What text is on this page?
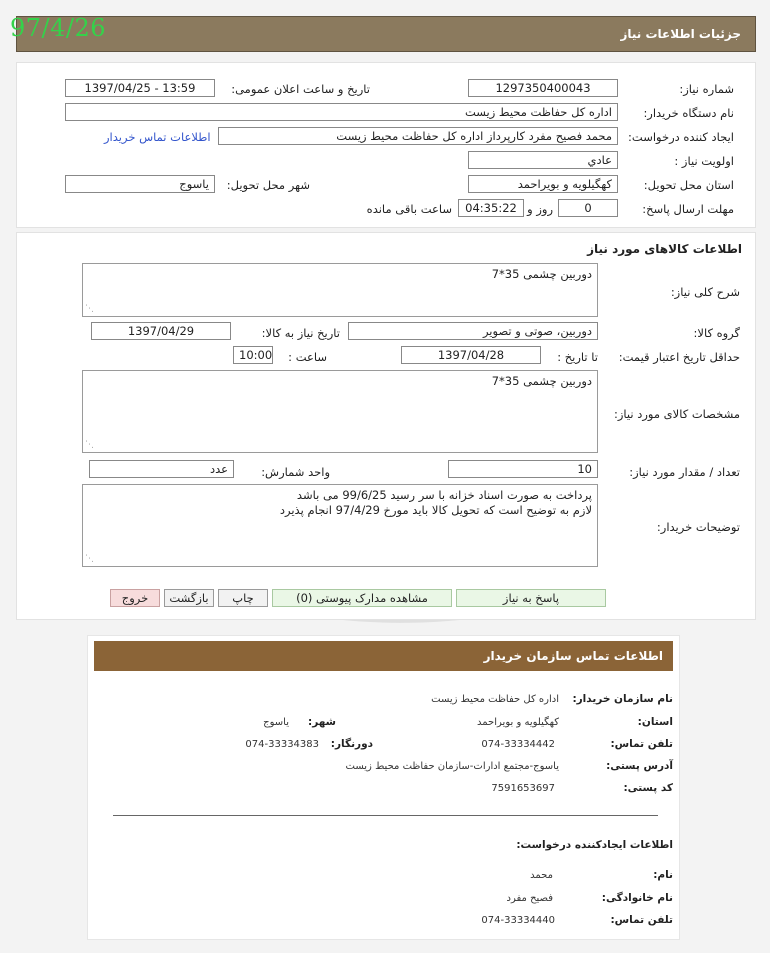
جزئیات اطلاعات نیاز
97/4/26
شماره نیاز:
1297350400043
تاریخ و ساعت اعلان عمومی:
1397/04/25 - 13:59
نام دستگاه خریدار:
اداره کل حفاظت محیط زیست
ایجاد کننده درخواست:
محمد فصیح مفرد کارپرداز اداره کل حفاظت محیط زیست
اطلاعات تماس خریدار
اولویت نیاز :
عادي
استان محل تحویل:
کهگیلویه و بویراحمد
شهر محل تحویل:
یاسوج
مهلت ارسال پاسخ:
0
روز و
04:35:22
ساعت باقی مانده
اطلاعات کالاهای مورد نیاز
شرح کلی نیاز:
دوربین چشمی 35*7
⋰
گروه کالا:
دوربین، صوتی و تصویر
تاریخ نیاز به کالا:
1397/04/29
حداقل تاریخ اعتبار قیمت:
تا تاریخ :
1397/04/28
ساعت :
10:00
مشخصات کالای مورد نیاز:
دوربین چشمی 35*7
⋰
تعداد / مقدار مورد نیاز:
10
واحد شمارش:
عدد
توضیحات خریدار:
پرداخت به صورت اسناد خزانه با سر رسید 99/6/25 می باشد
لازم به توضیح است که تحویل کالا باید مورخ 97/4/29 انجام پذیرد
⋰
پاسخ به نیاز
مشاهده مدارک پیوستی (0)
چاپ
بازگشت
خروج
اطلاعات تماس سازمان خریدار
نام سازمان خریدار:
اداره کل حفاظت محیط زیست
استان:
کهگیلویه و بویراحمد
شهر:
یاسوج
تلفن تماس:
074-33334442
دورنگار:
074-33334383
آدرس پستی:
یاسوج-مجتمع ادارات-سازمان حفاظت محیط زیست
کد پستی:
7591653697
اطلاعات ایجادکننده درخواست:
نام:
محمد
نام خانوادگی:
فصیح مفرد
تلفن تماس:
074-33334440
